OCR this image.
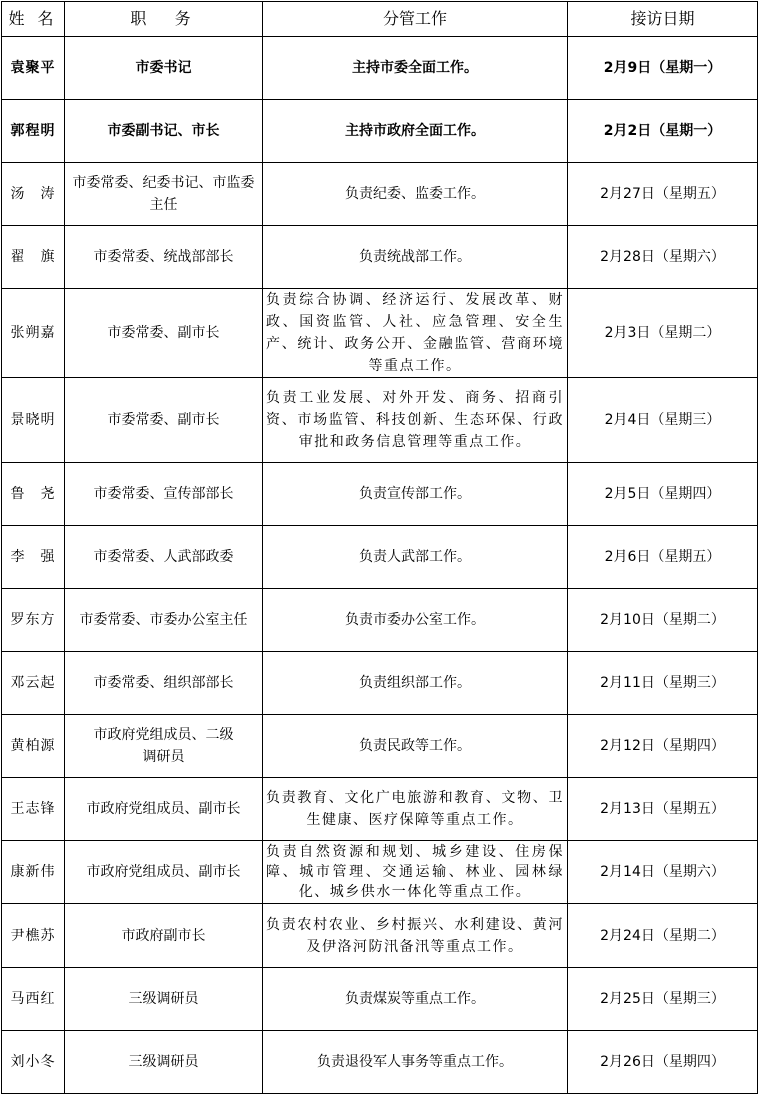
姓 名	职  务	分管工作	接访日期
袁聚平	市委书记	主持市委全面工作。	2月9日（星期一）
郭程明	市委副书记、市长	主持市政府全面工作。	2月2日（星期一）
汤　涛	市委常委、纪委书记、市监委主任	负责纪委、监委工作。	2月27日（星期五）
翟　旗	市委常委、统战部部长	负责统战部工作。	2月28日（星期六）
张朔嘉	市委常委、副市长	负责综合协调、经济运行、发展改革、财政、国资监管、人社、应急管理、安全生产、统计、政务公开、金融监管、营商环境等重点工作。	2月3日（星期二）
景晓明	市委常委、副市长	负责工业发展、对外开发、商务、招商引资、市场监管、科技创新、生态环保、行政审批和政务信息管理等重点工作。	2月4日（星期三）
鲁　尧	市委常委、宣传部部长	负责宣传部工作。	2月5日（星期四）
李　强	市委常委、人武部政委	负责人武部工作。	2月6日（星期五）
罗东方	市委常委、市委办公室主任	负责市委办公室工作。	2月10日（星期二）
邓云起	市委常委、组织部部长	负责组织部工作。	2月11日（星期三）
黄柏源	市政府党组成员、二级调研员	负责民政等工作。	2月12日（星期四）
王志锋	市政府党组成员、副市长	负责教育、文化广电旅游和教育、文物、卫生健康、医疗保障等重点工作。	2月13日（星期五）
康新伟	市政府党组成员、副市长	负责自然资源和规划、城乡建设、住房保障、城市管理、交通运输、林业、园林绿化、城乡供水一体化等重点工作。	2月14日（星期六）
尹樵苏	市政府副市长	负责农村农业、乡村振兴、水利建设、黄河及伊洛河防汛备汛等重点工作。	2月24日（星期二）
马西红	三级调研员	负责煤炭等重点工作。	2月25日（星期三）
刘小冬	三级调研员	负责退役军人事务等重点工作。	2月26日（星期四）
